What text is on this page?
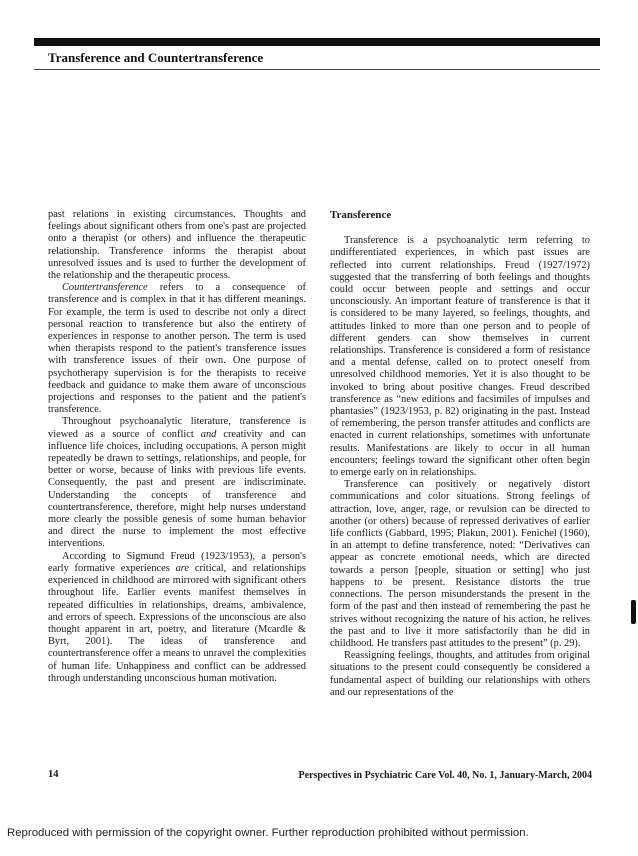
Transference and Countertransference

past relations in existing circumstances. Thoughts and feelings about significant others from one's past are projected onto a therapist (or others) and influence the therapeutic relationship. Transference informs the therapist about unresolved issues and is used to further the development of the relationship and the therapeutic process.

Countertransference refers to a consequence of transference and is complex in that it has different meanings. For example, the term is used to describe not only a direct personal reaction to transference but also the entirety of experiences in response to another person. The term is used when therapists respond to the patient's transference issues with transference issues of their own. One purpose of psychotherapy supervision is for the therapists to receive feedback and guidance to make them aware of unconscious projections and responses to the patient and the patient's transference.

Throughout psychoanalytic literature, transference is viewed as a source of conflict and creativity and can influence life choices, including occupations. A person might repeatedly be drawn to settings, relationships, and people, for better or worse, because of links with previous life events. Consequently, the past and present are indiscriminate. Understanding the concepts of transference and countertransference, therefore, might help nurses understand more clearly the possible genesis of some human behavior and direct the nurse to implement the most effective interventions.

According to Sigmund Freud (1923/1953), a person's early formative experiences are critical, and relationships experienced in childhood are mirrored with significant others throughout life. Earlier events manifest themselves in repeated difficulties in relationships, dreams, ambivalence, and errors of speech. Expressions of the unconscious are also thought apparent in art, poetry, and literature (Mcardle & Byrt, 2001). The ideas of transference and countertransference offer a means to unravel the complexities of human life. Unhappiness and conflict can be addressed through understanding unconscious human motivation.

Transference

Transference is a psychoanalytic term referring to undifferentiated experiences, in which past issues are reflected into current relationships. Freud (1927/1972) suggested that the transferring of both feelings and thoughts could occur between people and settings and occur unconsciously. An important feature of transference is that it is considered to be many layered, so feelings, thoughts, and attitudes linked to more than one person and to people of different genders can show themselves in current relationships. Transference is considered a form of resistance and a mental defense, called on to protect oneself from unresolved childhood memories. Yet it is also thought to be invoked to bring about positive changes. Freud described transference as “new editions and facsimiles of impulses and phantasies” (1923/1953, p. 82) originating in the past. Instead of remembering, the person transfer attitudes and conflicts are enacted in current relationships, sometimes with unfortunate results. Manifestations are likely to occur in all human encounters; feelings toward the significant other often begin to emerge early on in relationships.

Transference can positively or negatively distort communications and color situations. Strong feelings of attraction, love, anger, rage, or revulsion can be directed to another (or others) because of repressed derivatives of earlier life conflicts (Gabbard, 1995; Plakun, 2001). Fenichel (1960), in an attempt to define transference, noted: “Derivatives can appear as concrete emotional needs, which are directed towards a person [people, situation or setting] who just happens to be present. Resistance distorts the true connections. The person misunderstands the present in the form of the past and then instead of remembering the past he strives without recognizing the nature of his action, he relives the past and to live it more satisfactorily than he did in childhood. He transfers past attitudes to the present” (p. 29).

Reassigning feelings, thoughts, and attitudes from original situations to the present could consequently be considered a fundamental aspect of building our relationships with others and our representations of the

14	Perspectives in Psychiatric Care Vol. 40, No. 1, January-March, 2004
Reproduced with permission of the copyright owner. Further reproduction prohibited without permission.
